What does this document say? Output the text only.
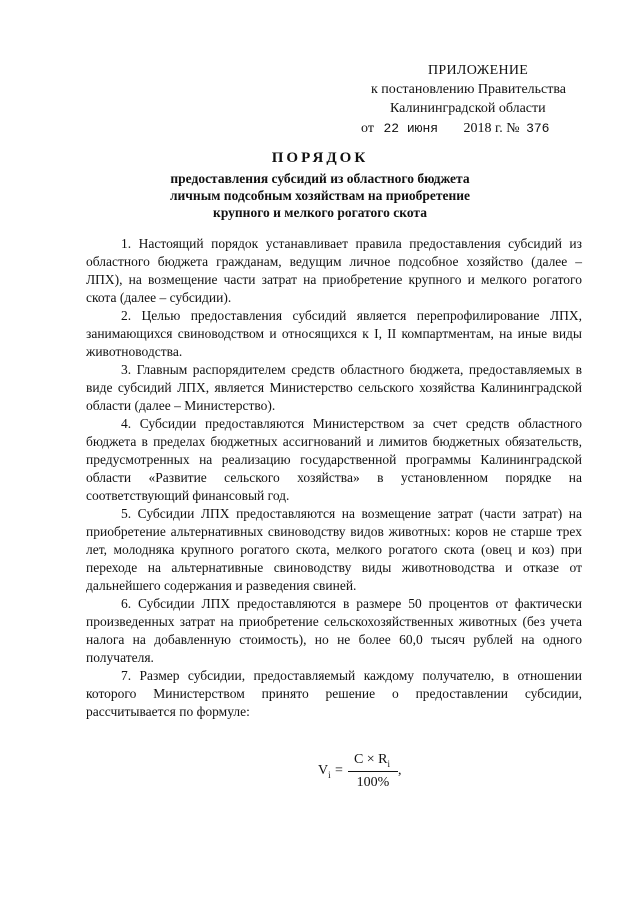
ПРИЛОЖЕНИЕ
к постановлению Правительства
Калининградской области
от 22 июня 2018 г. № 376
ПОРЯДОК
предоставления субсидий из областного бюджета
личным подсобным хозяйствам на приобретение
крупного и мелкого рогатого скота

1. Настоящий порядок устанавливает правила предоставления субсидий из областного бюджета гражданам, ведущим личное подсобное хозяйство (далее – ЛПХ), на возмещение части затрат на приобретение крупного и мелкого рогатого скота (далее – субсидии).

2. Целью предоставления субсидий является перепрофилирование ЛПХ, занимающихся свиноводством и относящихся к I, II компартментам, на иные виды животноводства.

3. Главным распорядителем средств областного бюджета, предоставляемых в виде субсидий ЛПХ, является Министерство сельского хозяйства Калининградской области (далее – Министерство).

4. Субсидии предоставляются Министерством за счет средств областного бюджета в пределах бюджетных ассигнований и лимитов бюджетных обязательств, предусмотренных на реализацию государственной программы Калининградской области «Развитие сельского хозяйства» в установленном порядке на соответствующий финансовый год.

5. Субсидии ЛПХ предоставляются на возмещение затрат (части затрат) на приобретение альтернативных свиноводству видов животных: коров не старше трех лет, молодняка крупного рогатого скота, мелкого рогатого скота (овец и коз) при переходе на альтернативные свиноводству виды животноводства и отказе от дальнейшего содержания и разведения свиней.

6. Субсидии ЛПХ предоставляются в размере 50 процентов от фактически произведенных затрат на приобретение сельскохозяйственных животных (без учета налога на добавленную стоимость), но не более 60,0 тысяч рублей на одного получателя.

7. Размер субсидии, предоставляемый каждому получателю, в отношении которого Министерством принято решение о предоставлении субсидии, рассчитывается по формуле:

$V_i$ =
$C \times R_i$
100%
,
